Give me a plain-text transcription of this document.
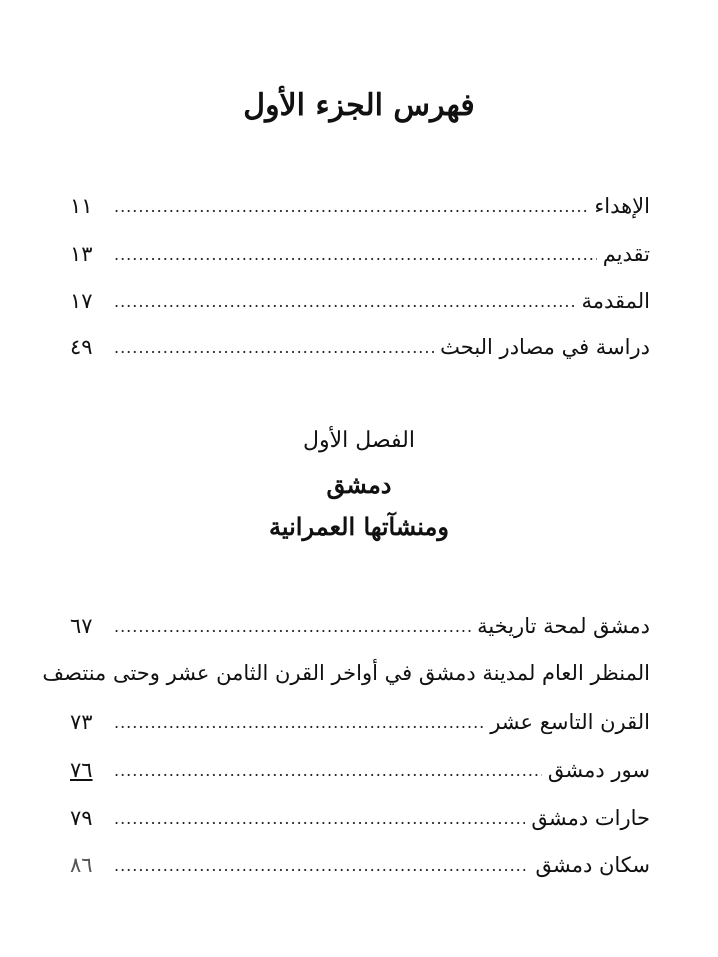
فهرس الجزء الأول
الإهداء
.....
١١
تقديم
.....
١٣
المقدمة
.....
١٧
دراسة في مصادر البحث
.....
٤٩
الفصل الأول
دمشق
ومنشآتها العمرانية
دمشق لمحة تاريخية
.....
٦٧
المنظر العام لمدينة دمشق في أواخر القرن الثامن عشر وحتى منتصف
القرن التاسع عشر
.....
٧٣
سور دمشق
.....
٧٦
حارات دمشق
.....
٧٩
سكان دمشق
.....
٨٦
